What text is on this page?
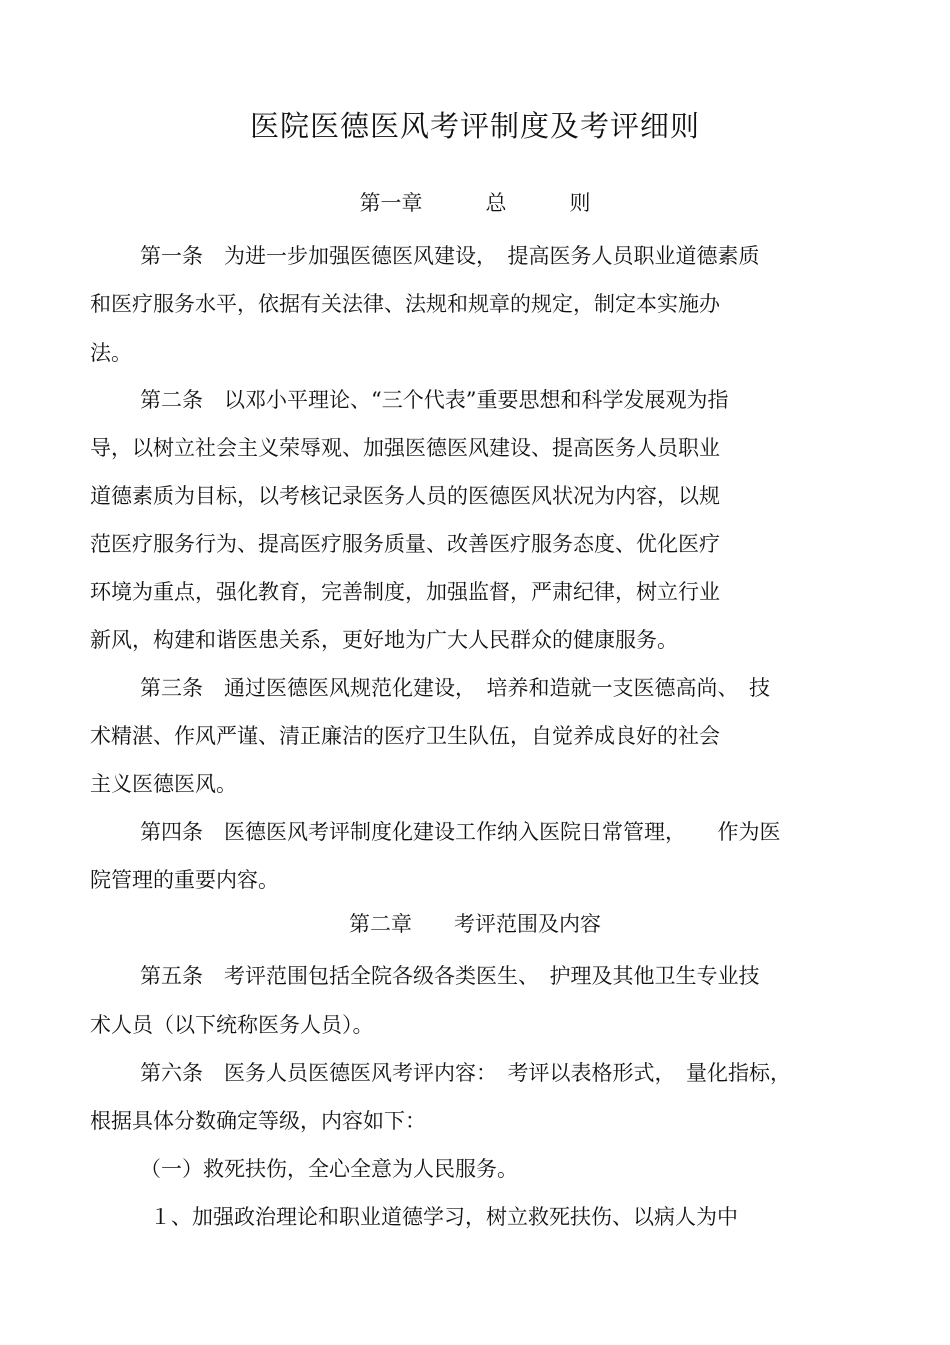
医院医德医风考评制度及考评细则
第一章　　　总　　　则
第一条　为进一步加强医德医风建设，　提高医务人员职业道德素质
和医疗服务水平，依据有关法律、法规和规章的规定，制定本实施办
法。
第二条　以邓小平理论、“三个代表”重要思想和科学发展观为指
导，以树立社会主义荣辱观、加强医德医风建设、提高医务人员职业
道德素质为目标，以考核记录医务人员的医德医风状况为内容，以规
范医疗服务行为、提高医疗服务质量、改善医疗服务态度、优化医疗
环境为重点，强化教育，完善制度，加强监督，严肃纪律，树立行业
新风，构建和谐医患关系，更好地为广大人民群众的健康服务。
第三条　通过医德医风规范化建设，　培养和造就一支医德高尚、　技
术精湛、作风严谨、清正廉洁的医疗卫生队伍，自觉养成良好的社会
主义医德医风。
第四条　医德医风考评制度化建设工作纳入医院日常管理，　　作为医
院管理的重要内容。
第二章　　考评范围及内容
第五条　考评范围包括全院各级各类医生、　护理及其他卫生专业技
术人员（以下统称医务人员）。
第六条　医务人员医德医风考评内容：　考评以表格形式，　量化指标，
根据具体分数确定等级，内容如下：
（一）救死扶伤，全心全意为人民服务。
１、加强政治理论和职业道德学习，树立救死扶伤、以病人为中
